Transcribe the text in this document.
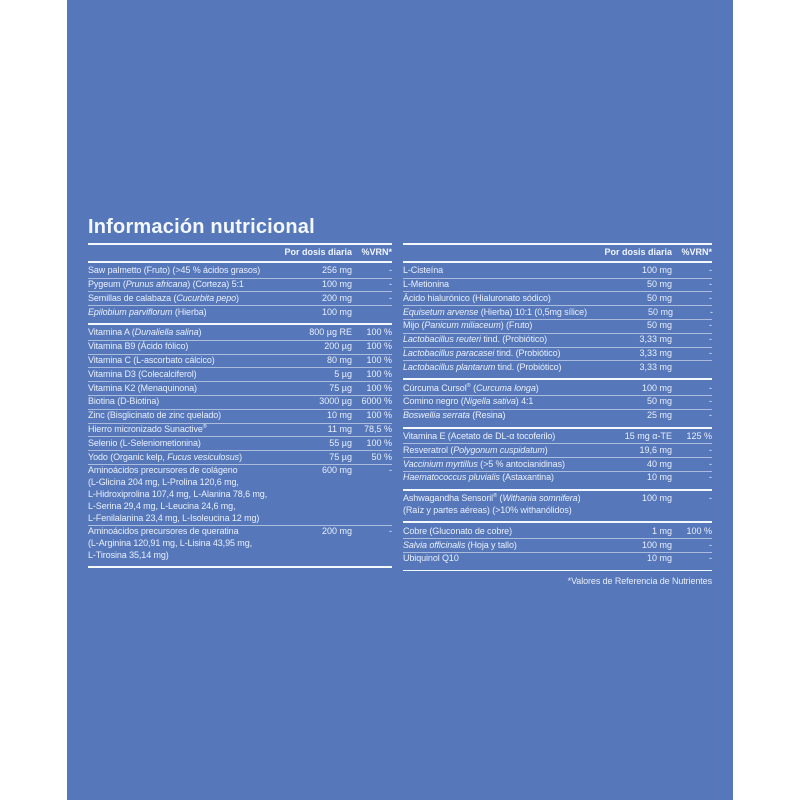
Información nutricional
Por dosis diaria	%VRN*
Saw palmetto (Fruto) (>45 % ácidos grasos)	256 mg	-
Pygeum (Prunus africana) (Corteza) 5:1	100 mg	-
Semillas de calabaza (Cucurbita pepo)	200 mg	-
Epilobium parviflorum (Hierba)	100 mg
Vitamina A (Dunaliella salina)	800 µg RE	100 %
Vitamina B9 (Ácido fólico)	200 µg	100 %
Vitamina C (L-ascorbato cálcico)	80 mg	100 %
Vitamina D3 (Colecalciferol)	5 µg	100 %
Vitamina K2 (Menaquinona)	75 µg	100 %
Biotina (D-Biotina)	3000 µg	6000 %
Zinc (Bisglicinato de zinc quelado)	10 mg	100 %
Hierro micronizado Sunactive®	11 mg	78,5 %
Selenio (L-Seleniometionina)	55 µg	100 %
Yodo (Organic kelp, Fucus vesiculosus)	75 µg	50 %
Aminoácidos precursores de colágeno	600 mg	-
(L-Glicina 204 mg, L-Prolina 120,6 mg,
L-Hidroxiprolina 107,4 mg, L-Alanina 78,6 mg,
L-Serina 29,4 mg, L-Leucina 24,6 mg,
L-Fenilalanina 23,4 mg, L-Isoleucina 12 mg)
Aminoácidos precursores de queratina	200 mg	-
(L-Arginina 120,91 mg, L-Lisina 43,95 mg,
L-Tirosina 35,14 mg)
Por dosis diaria	%VRN*
L-Cisteína	100 mg	-
L-Metionina	50 mg	-
Ácido hialurónico (Hialuronato sódico)	50 mg	-
Equisetum arvense (Hierba) 10:1 (0,5mg sílice)	50 mg	-
Mijo (Panicum miliaceum) (Fruto)	50 mg	-
Lactobacillus reuteri tind. (Probiótico)	3,33 mg	-
Lactobacillus paracasei tind. (Probiótico)	3,33 mg	-
Lactobacillus plantarum tind. (Probiótico)	3,33 mg
Cúrcuma Cursol® (Curcuma longa)	100 mg	-
Comino negro (Nigella sativa) 4:1	50 mg	-
Boswellia serrata (Resina)	25 mg	-
Vitamina E (Acetato de DL-α tocoferilo)	15 mg α-TE	125 %
Resveratrol (Polygonum cuspidatum)	19,6 mg	-
Vaccinium myrtillus (>5 % antocianidinas)	40 mg	-
Haematococcus pluvialis (Astaxantina)	10 mg	-
Ashwagandha Sensoril® (Withania somnifera)	100 mg	-
(Raíz y partes aéreas) (>10% withanólidos)
Cobre (Gluconato de cobre)	1 mg	100 %
Salvia officinalis (Hoja y tallo)	100 mg	-
Ubiquinol Q10	10 mg	-
*Valores de Referencia de Nutrientes
